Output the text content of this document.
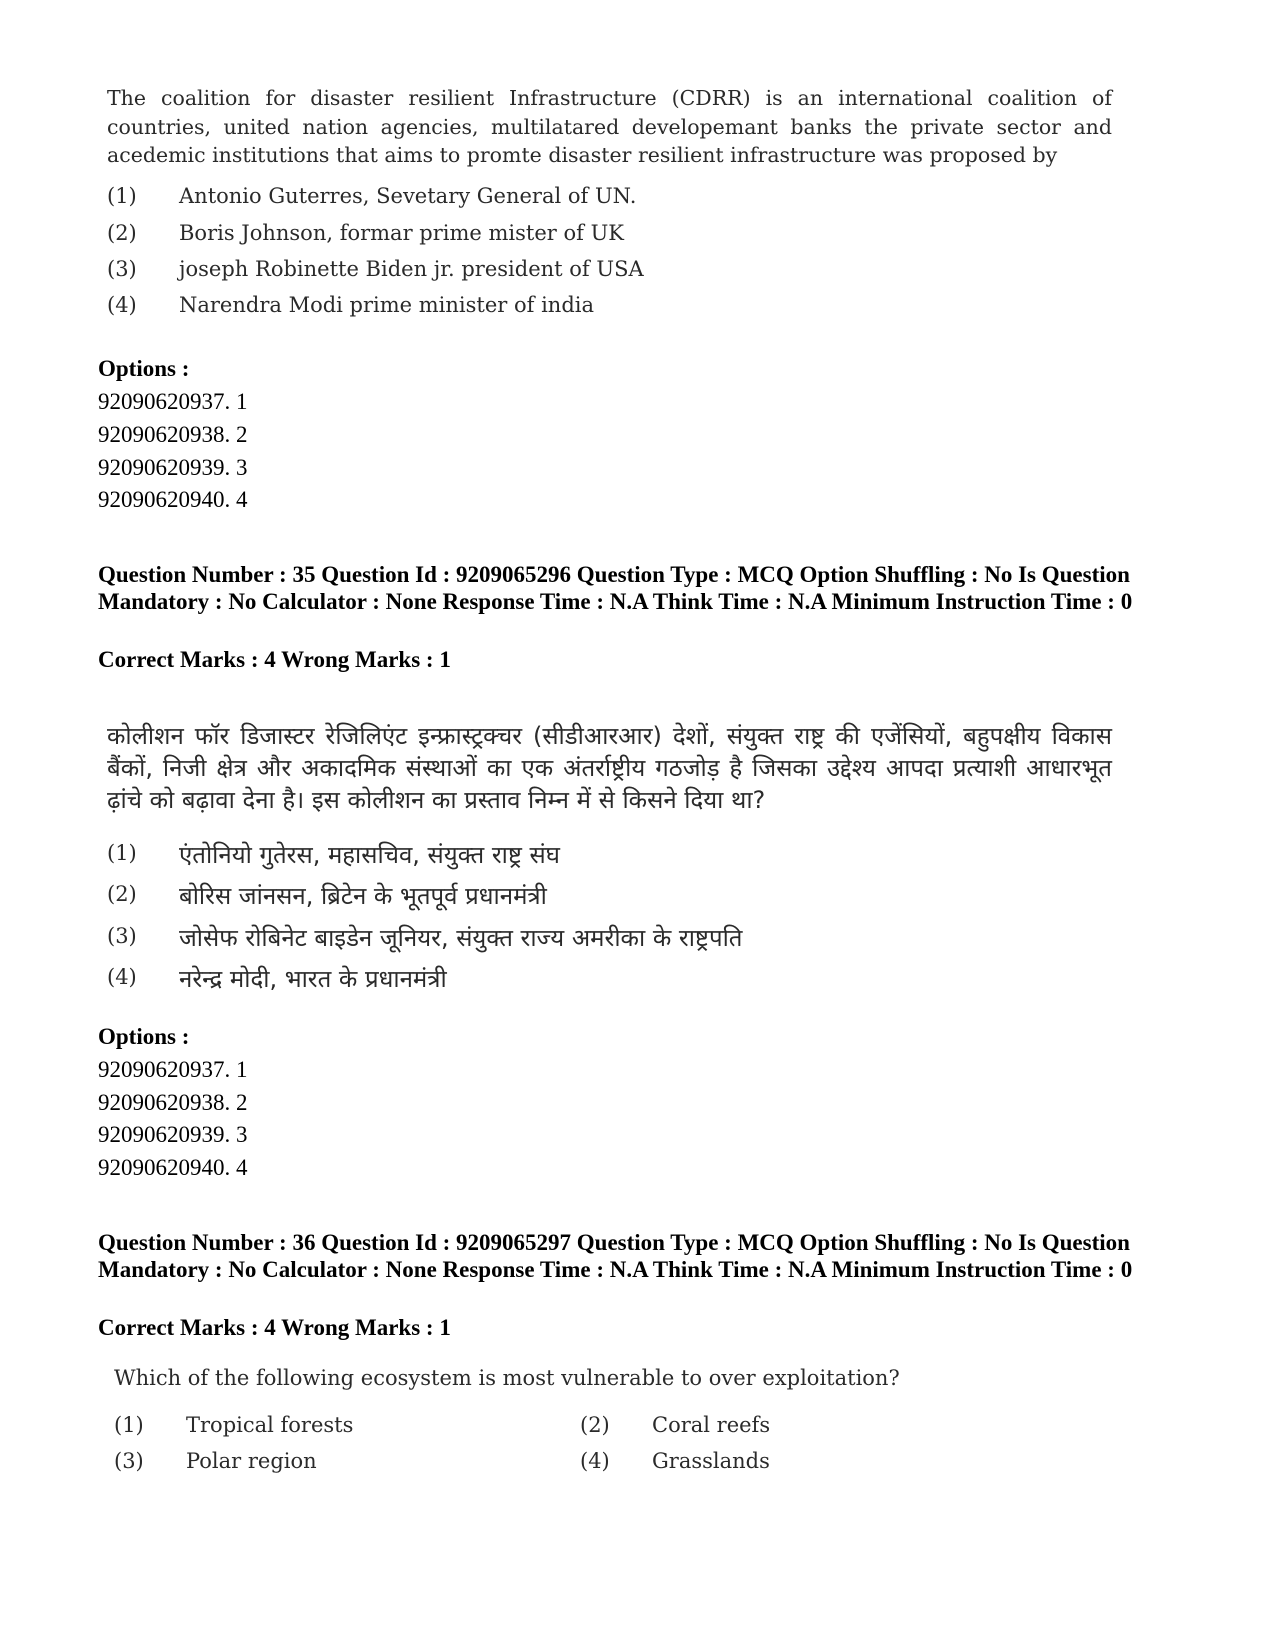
The coalition for disaster resilient Infrastructure (CDRR) is an international coalition of countries, united nation agencies, multilatared developemant banks the private sector and acedemic institutions that aims to promte disaster resilient infrastructure was proposed by
(1) Antonio Guterres, Sevetary General of UN.
(2) Boris Johnson, formar prime mister of UK
(3) joseph Robinette Biden jr. president of USA
(4) Narendra Modi prime minister of india
Options :
92090620937. 1
92090620938. 2
92090620939. 3
92090620940. 4
Question Number : 35 Question Id : 9209065296 Question Type : MCQ Option Shuffling : No Is Question Mandatory : No Calculator : None Response Time : N.A Think Time : N.A Minimum Instruction Time : 0
Correct Marks : 4 Wrong Marks : 1
कोलीशन फॉर डिजास्टर रेजिलिएंट इन्फ्रास्ट्रक्चर (सीडीआरआर) देशों, संयुक्त राष्ट्र की एजेंसियों, बहुपक्षीय विकास बैंकों, निजी क्षेत्र और अकादमिक संस्थाओं का एक अंतर्राष्ट्रीय गठजोड़ है जिसका उद्देश्य आपदा प्रत्याशी आधारभूत ढ़ांचे को बढ़ावा देना है। इस कोलीशन का प्रस्ताव निम्न में से किसने दिया था?
(1) एंतोनियो गुतेरस, महासचिव, संयुक्त राष्ट्र संघ
(2) बोरिस जांनसन, ब्रिटेन के भूतपूर्व प्रधानमंत्री
(3) जोसेफ रोबिनेट बाइडेन जूनियर, संयुक्त राज्य अमरीका के राष्ट्रपति
(4) नरेन्द्र मोदी, भारत के प्रधानमंत्री
Options :
92090620937. 1
92090620938. 2
92090620939. 3
92090620940. 4
Question Number : 36 Question Id : 9209065297 Question Type : MCQ Option Shuffling : No Is Question Mandatory : No Calculator : None Response Time : N.A Think Time : N.A Minimum Instruction Time : 0
Correct Marks : 4 Wrong Marks : 1
Which of the following ecosystem is most vulnerable to over exploitation?
(1) Tropical forests	(2) Coral reefs
(3) Polar region	(4) Grasslands
